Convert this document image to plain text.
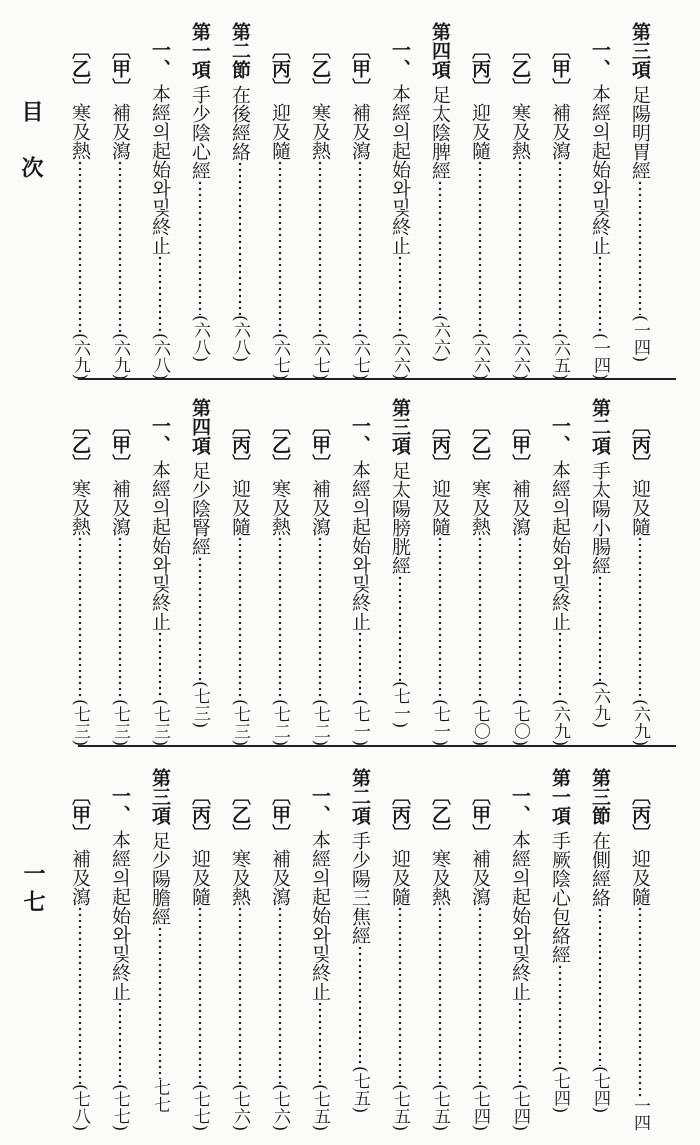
目次
一七
第三項
足陽明胃經
(一四)
一、
本經의起始와및終止
(一四)
〔甲〕
補及瀉
(六五)
〔乙〕
寒及熱
(六六)
〔丙〕
迎及隨
(六六)
第四項
足太陰脾經
(六六)
一、
本經의起始와및終止
(六六)
〔甲〕
補及瀉
(六七)
〔乙〕
寒及熱
(六七)
〔丙〕
迎及隨
(六七)
第二節
在後經絡
(六八)
第一項
手少陰心經
(六八)
一、
本經의起始와및終止
(六八)
〔甲〕
補及瀉
(六九)
〔乙〕
寒及熱
(六九)
〔丙〕
迎及隨
(六九)
第二項
手太陽小腸經
(六九)
一、
本經의起始와및終止
(六九)
〔甲〕
補及瀉
(七〇)
〔乙〕
寒及熱
(七〇)
〔丙〕
迎及隨
(七一)
第三項
足太陽膀胱經
(七一)
一、
本經의起始와및終止
(七一)
〔甲〕
補及瀉
(七二)
〔乙〕
寒及熱
(七二)
〔丙〕
迎及隨
(七三)
第四項
足少陰腎經
(七三)
一、
本經의起始와및終止
(七三)
〔甲〕
補及瀉
(七三)
〔乙〕
寒及熱
(七三)
〔丙〕
迎及隨
一四
第三節
在側經絡
(七四)
第一項
手厥陰心包絡經
(七四)
一、
本經의起始와및終止
(七四)
〔甲〕
補及瀉
(七四)
〔乙〕
寒及熱
(七五)
〔丙〕
迎及隨
(七五)
第二項
手少陽三焦經
(七五)
一、
本經의起始와및終止
(七五)
〔甲〕
補及瀉
(七六)
〔乙〕
寒及熱
(七六)
〔丙〕
迎及隨
(七七)
第三項
足少陽膽經
七七
一、
本經의起始와및終止
(七七)
〔甲〕
補及瀉
(七八)
